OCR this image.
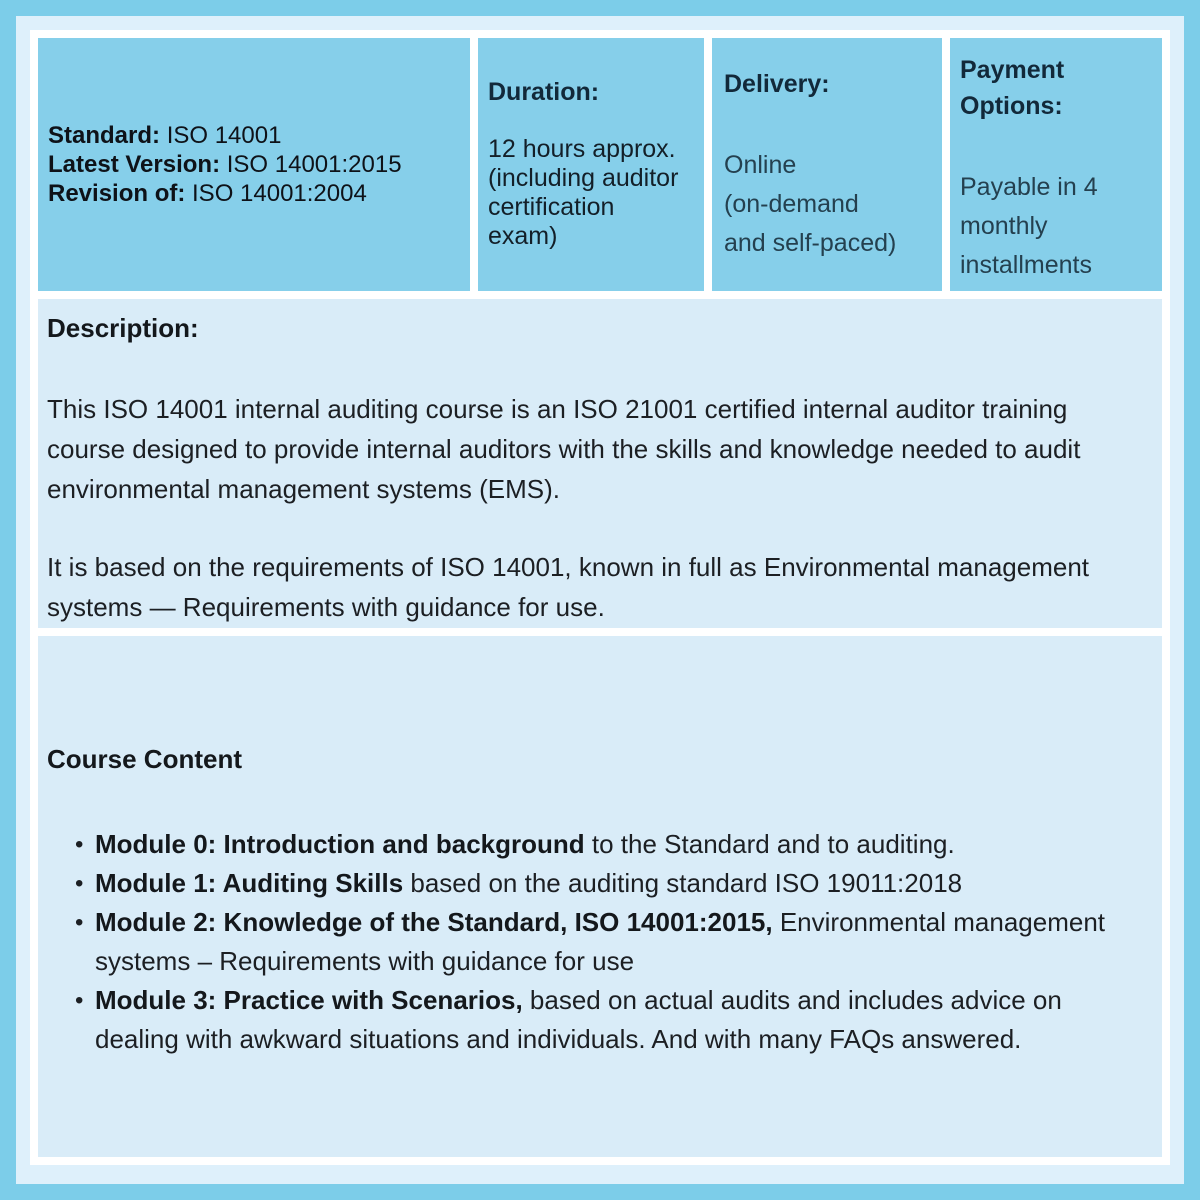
Standard: ISO 14001
Latest Version: ISO 14001:2015
Revision of: ISO 14001:2004
Duration:
12 hours approx.
(including auditor
certification
exam)
Delivery:
Online
(on-demand
and self-paced)
Payment Options:
Payable in 4
monthly
installments
Description:
This ISO 14001 internal auditing course is an ISO 21001 certified internal auditor training course designed to provide internal auditors with the skills and knowledge needed to audit environmental management systems (EMS).
It is based on the requirements of ISO 14001, known in full as Environmental management systems — Requirements with guidance for use.
Course Content
• Module 0: Introduction and background to the Standard and to auditing.
• Module 1: Auditing Skills based on the auditing standard ISO 19011:2018
• Module 2: Knowledge of the Standard, ISO 14001:2015, Environmental management systems – Requirements with guidance for use
• Module 3: Practice with Scenarios, based on actual audits and includes advice on dealing with awkward situations and individuals. And with many FAQs answered.
